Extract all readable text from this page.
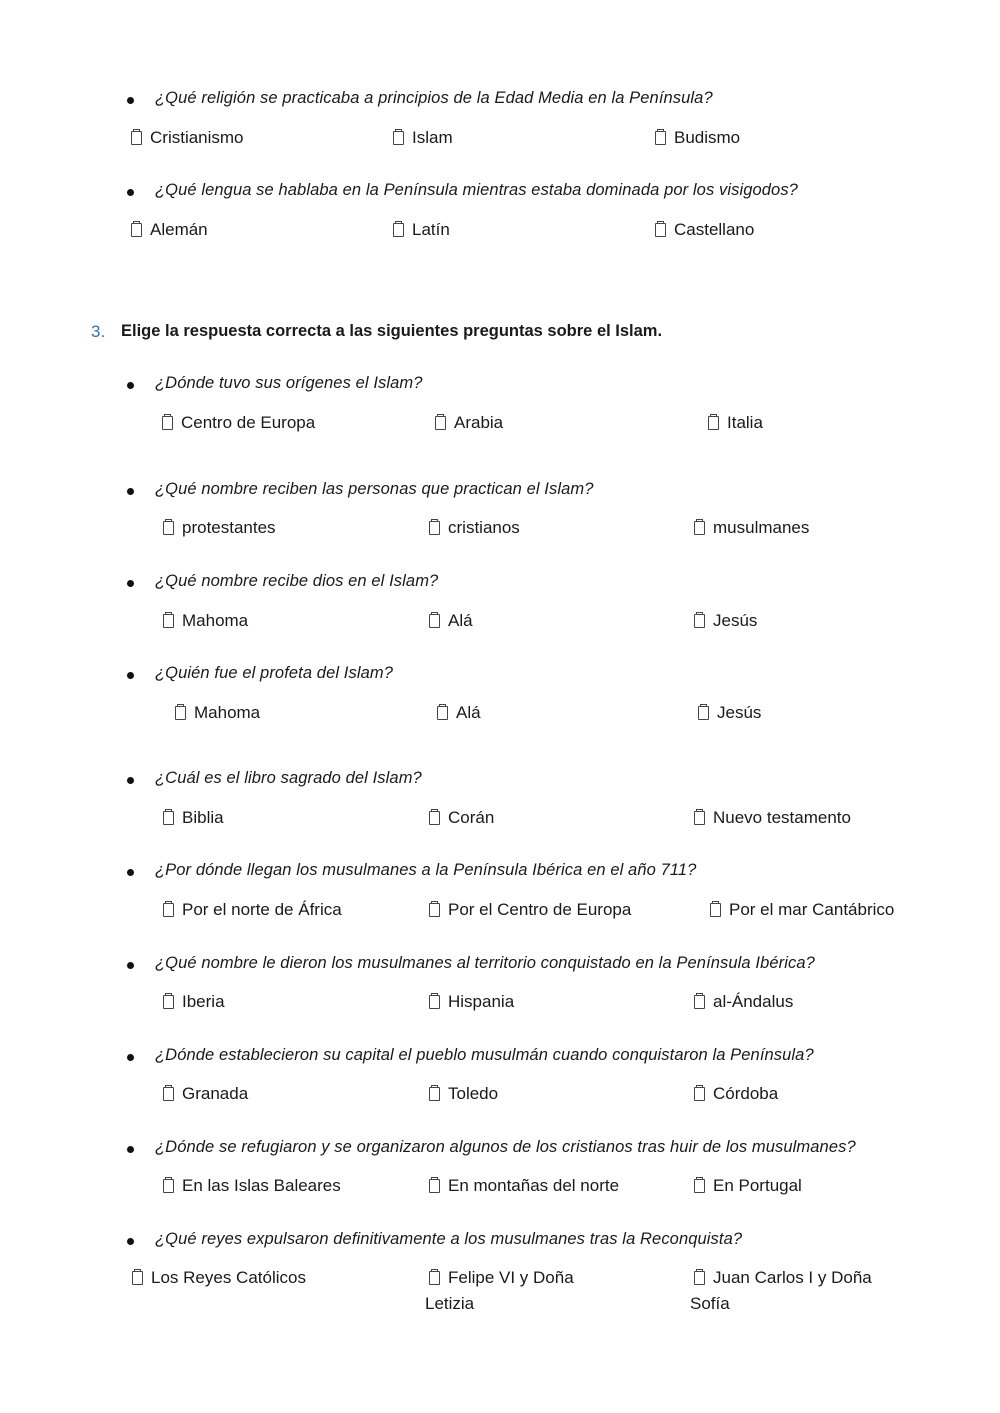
¿Qué religión se practicaba a principios de la Edad Media en la Península?
Cristianismo	Islam	Budismo
¿Qué lengua se hablaba en la Península mientras estaba dominada por los visigodos?
Alemán	Latín	Castellano
3. Elige la respuesta correcta a las siguientes preguntas sobre el Islam.
¿Dónde tuvo sus orígenes el Islam?
Centro de Europa	Arabia	Italia
¿Qué nombre reciben las personas que practican el Islam?
protestantes	cristianos	musulmanes
¿Qué nombre recibe dios en el Islam?
Mahoma	Alá	Jesús
¿Quién fue el profeta del Islam?
Mahoma	Alá	Jesús
¿Cuál es el libro sagrado del Islam?
Biblia	Corán	Nuevo testamento
¿Por dónde llegan los musulmanes a la Península Ibérica en el año 711?
Por el norte de África	Por el Centro de Europa	Por el mar Cantábrico
¿Qué nombre le dieron los musulmanes al territorio conquistado en la Península Ibérica?
Iberia	Hispania	al-Ándalus
¿Dónde establecieron su capital el pueblo musulmán cuando conquistaron la Península?
Granada	Toledo	Córdoba
¿Dónde se refugiaron y se organizaron algunos de los cristianos tras huir de los musulmanes?
En las Islas Baleares	En montañas del norte	En Portugal
¿Qué reyes expulsaron definitivamente a los musulmanes tras la Reconquista?
Los Reyes Católicos	Felipe VI y Doña
Letizia
Juan Carlos I y Doña
Sofía
